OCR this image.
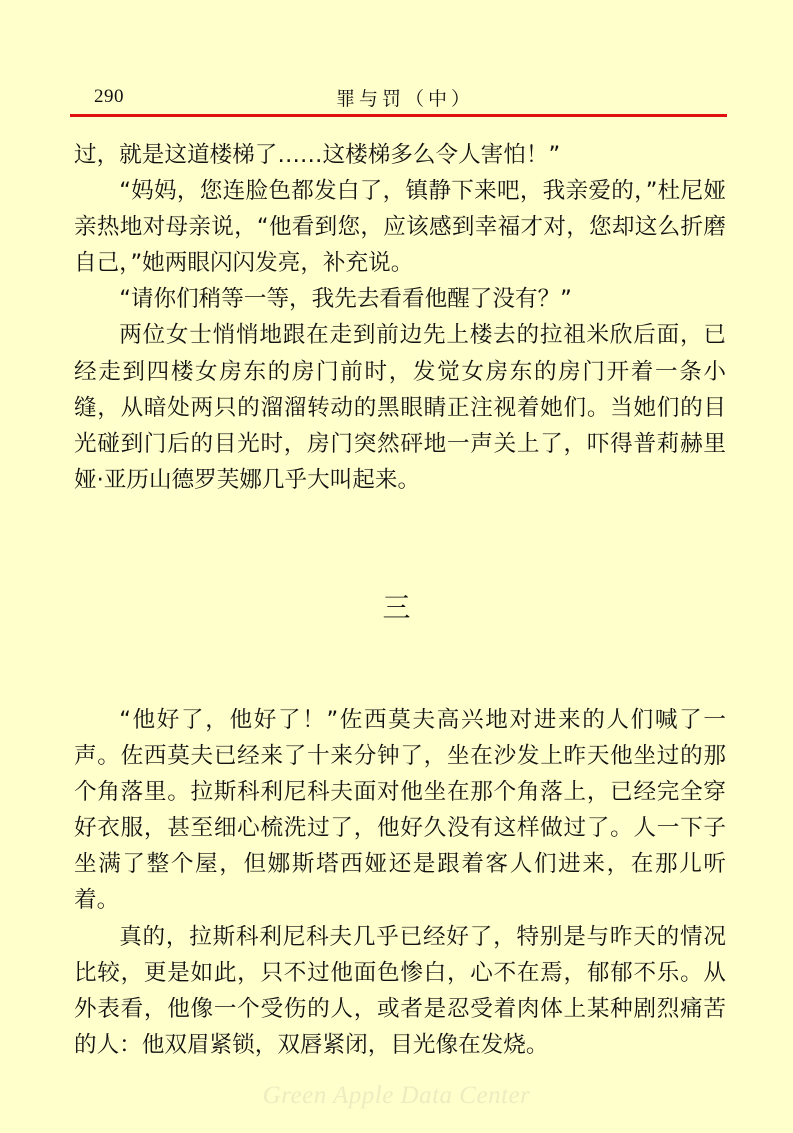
290	罪与罚（中）

过，就是这道楼梯了……这楼梯多么令人害怕！”

“妈妈，您连脸色都发白了，镇静下来吧，我亲爱的，”杜尼娅亲热地对母亲说，“他看到您，应该感到幸福才对，您却这么折磨自己，”她两眼闪闪发亮，补充说。

“请你们稍等一等，我先去看看他醒了没有？”

两位女士悄悄地跟在走到前边先上楼去的拉祖米欣后面，已经走到四楼女房东的房门前时，发觉女房东的房门开着一条小缝，从暗处两只的溜溜转动的黑眼睛正注视着她们。当她们的目光碰到门后的目光时，房门突然砰地一声关上了，吓得普莉赫里娅·亚历山德罗芙娜几乎大叫起来。

三

“他好了，他好了！”佐西莫夫高兴地对进来的人们喊了一声。佐西莫夫已经来了十来分钟了，坐在沙发上昨天他坐过的那个角落里。拉斯科利尼科夫面对他坐在那个角落上，已经完全穿好衣服，甚至细心梳洗过了，他好久没有这样做过了。人一下子坐满了整个屋，但娜斯塔西娅还是跟着客人们进来，在那儿听着。

真的，拉斯科利尼科夫几乎已经好了，特别是与昨天的情况比较，更是如此，只不过他面色惨白，心不在焉，郁郁不乐。从外表看，他像一个受伤的人，或者是忍受着肉体上某种剧烈痛苦的人：他双眉紧锁，双唇紧闭，目光像在发烧。

Green Apple Data Center
